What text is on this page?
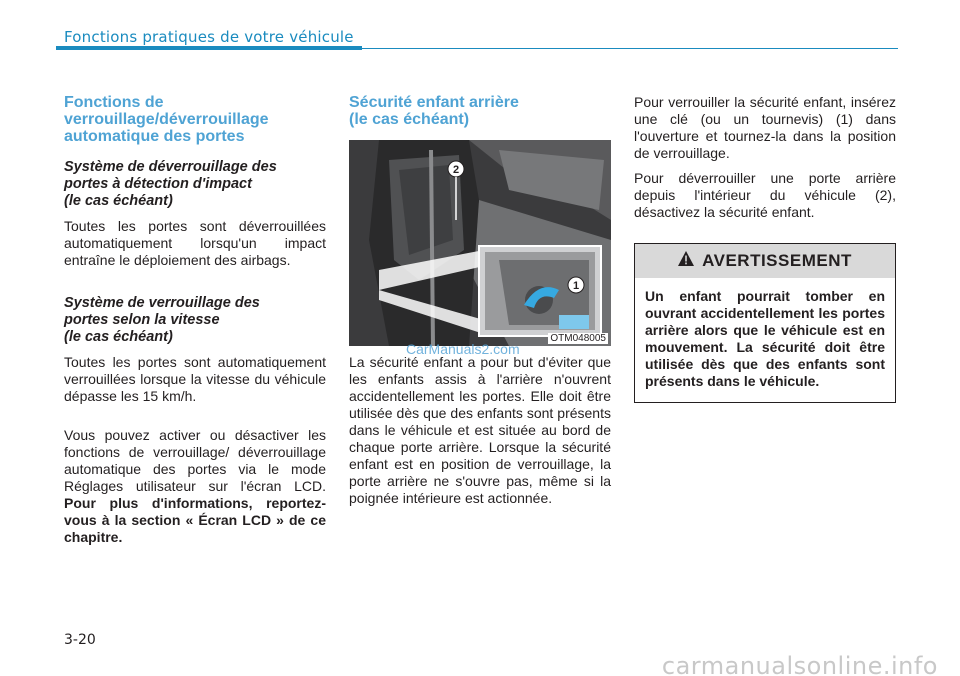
Fonctions pratiques de votre véhicule
Fonctions de
verrouillage/déverrouillage
automatique des portes
Système de déverrouillage des
portes à détection d'impact
(le cas échéant)

Toutes les portes sont déverrouillées automatiquement lorsqu'un impact entraîne le déploiement des airbags.

Système de verrouillage des
portes selon la vitesse
(le cas échéant)

Toutes les portes sont automatiquement verrouillées lorsque la vitesse du véhicule dépasse les 15 km/h.

Vous pouvez activer ou désactiver les fonctions de verrouillage/ déverrouillage automatique des portes via le mode Réglages utilisateur sur l'écran LCD. Pour plus d'informations, reportez-vous à la section « Écran LCD » de ce chapitre.

Sécurité enfant arrière
(le cas échéant)
1
2
OTM048005

La sécurité enfant a pour but d'éviter que les enfants assis à l'arrière n'ouvrent accidentellement les portes. Elle doit être utilisée dès que des enfants sont présents dans le véhicule et est située au bord de chaque porte arrière. Lorsque la sécurité enfant est en position de verrouillage, la porte arrière ne s'ouvre pas, même si la poignée intérieure est actionnée.

CarManuals2.com

Pour verrouiller la sécurité enfant, insérez une clé (ou un tournevis) (1) dans l'ouverture et tournez-la dans la position de verrouillage.

Pour déverrouiller une porte arrière depuis l'intérieur du véhicule (2), désactivez la sécurité enfant.

AVERTISSEMENT
Un enfant pourrait tomber en ouvrant accidentellement les portes arrière alors que le véhicule est en mouvement. La sécurité doit être utilisée dès que des enfants sont présents dans le véhicule.
3-20
carmanualsonline.info
